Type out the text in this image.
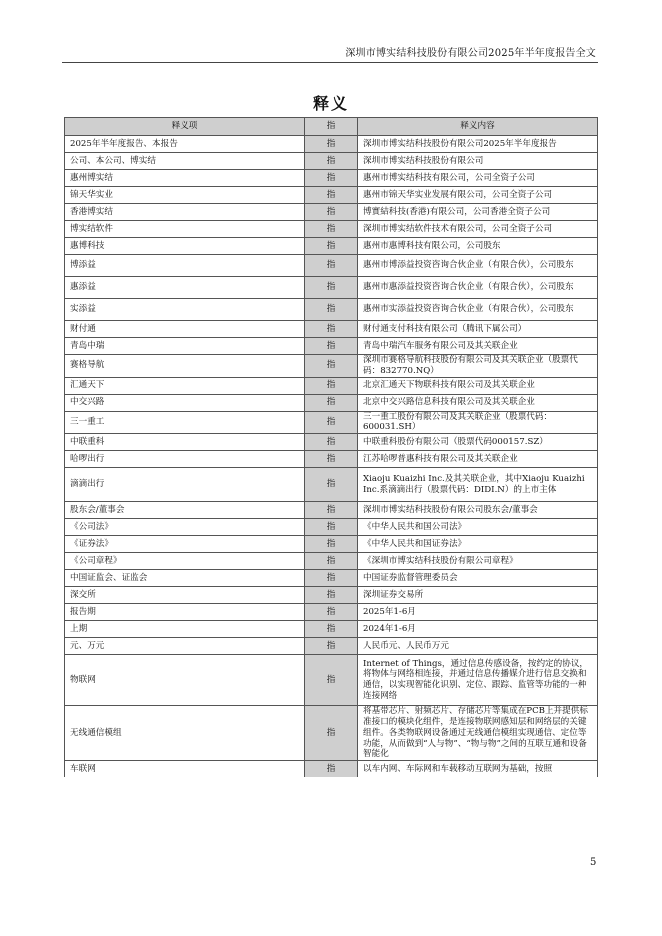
深圳市博实结科技股份有限公司2025年半年度报告全文
释义
释义项	指	释义内容
2025年半年度报告、本报告	指	深圳市博实结科技股份有限公司2025年半年度报告
公司、本公司、博实结	指	深圳市博实结科技股份有限公司
惠州博实结	指	惠州市博实结科技有限公司，公司全资子公司
锦天华实业	指	惠州市锦天华实业发展有限公司，公司全资子公司
香港博实结	指	博實結科技(香港)有限公司，公司香港全资子公司
博实结软件	指	深圳市博实结软件技术有限公司，公司全资子公司
惠博科技	指	惠州市惠博科技有限公司，公司股东
博添益	指	惠州市博添益投资咨询合伙企业（有限合伙），公司股东
惠添益	指	惠州市惠添益投资咨询合伙企业（有限合伙），公司股东
实添益	指	惠州市实添益投资咨询合伙企业（有限合伙），公司股东
财付通	指	财付通支付科技有限公司（腾讯下属公司）
青岛中瑞	指	青岛中瑞汽车服务有限公司及其关联企业
赛格导航	指	深圳市赛格导航科技股份有限公司及其关联企业（股票代码：832770.NQ）
汇通天下	指	北京汇通天下物联科技有限公司及其关联企业
中交兴路	指	北京中交兴路信息科技有限公司及其关联企业
三一重工	指	三一重工股份有限公司及其关联企业（股票代码：600031.SH）
中联重科	指	中联重科股份有限公司（股票代码000157.SZ）
哈啰出行	指	江苏哈啰普惠科技有限公司及其关联企业
滴滴出行	指	Xiaoju Kuaizhi Inc.及其关联企业，其中Xiaoju Kuaizhi Inc.系滴滴出行（股票代码：DIDI.N）的上市主体
股东会/董事会	指	深圳市博实结科技股份有限公司股东会/董事会
《公司法》	指	《中华人民共和国公司法》
《证券法》	指	《中华人民共和国证券法》
《公司章程》	指	《深圳市博实结科技股份有限公司章程》
中国证监会、证监会	指	中国证券监督管理委员会
深交所	指	深圳证券交易所
报告期	指	2025年1-6月
上期	指	2024年1-6月
元、万元	指	人民币元、人民币万元
物联网	指	Internet of Things，通过信息传感设备，按约定的协议，将物体与网络相连接，并通过信息传播媒介进行信息交换和通信，以实现智能化识别、定位、跟踪、监管等功能的一种连接网络
无线通信模组	指	将基带芯片、射频芯片、存储芯片等集成在PCB上并提供标准接口的模块化组件，是连接物联网感知层和网络层的关键组件。各类物联网设备通过无线通信模组实现通信、定位等功能，从而做到“人与物”、“物与物”之间的互联互通和设备智能化
车联网	指	以车内网、车际网和车载移动互联网为基础，按照
5
